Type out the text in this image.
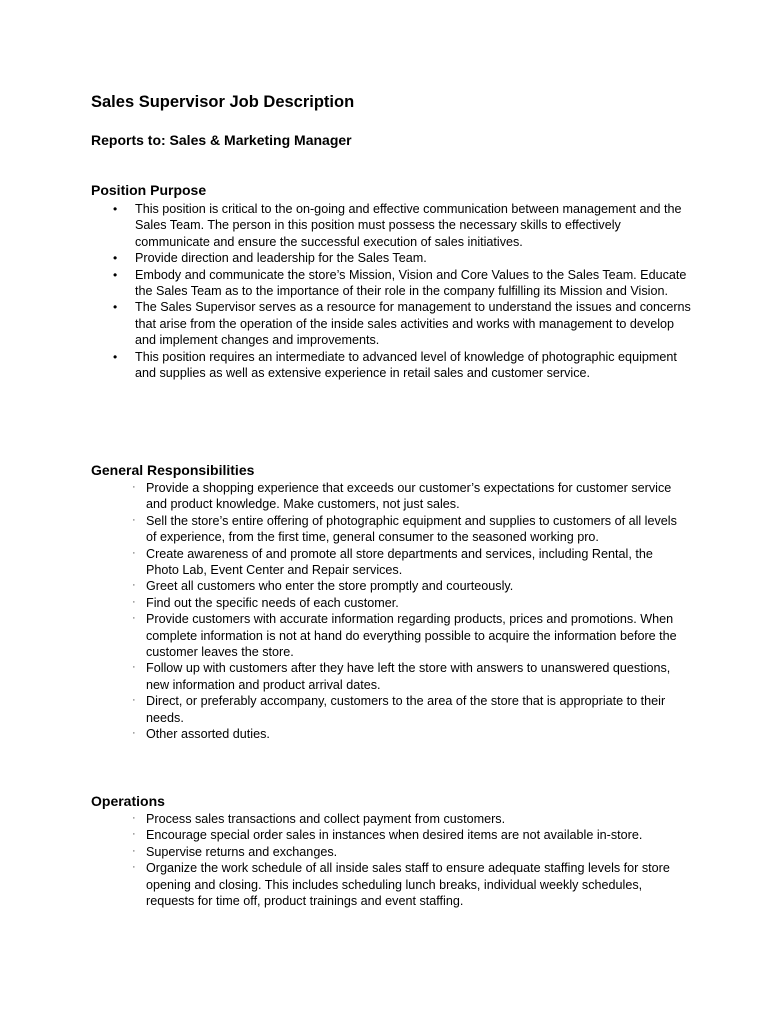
Sales Supervisor Job Description
Reports to: Sales & Marketing Manager
Position Purpose
• This position is critical to the on-going and effective communication between management and the Sales Team. The person in this position must possess the necessary skills to effectively communicate and ensure the successful execution of sales initiatives.
• Provide direction and leadership for the Sales Team.
• Embody and communicate the store’s Mission, Vision and Core Values to the Sales Team. Educate the Sales Team as to the importance of their role in the company fulfilling its Mission and Vision.
• The Sales Supervisor serves as a resource for management to understand the issues and concerns that arise from the operation of the inside sales activities and works with management to develop and implement changes and improvements.
• This position requires an intermediate to advanced level of knowledge of photographic equipment and supplies as well as extensive experience in retail sales and customer service.
General Responsibilities
· Provide a shopping experience that exceeds our customer’s expectations for customer service and product knowledge. Make customers, not just sales.
· Sell the store’s entire offering of photographic equipment and supplies to customers of all levels of experience, from the first time, general consumer to the seasoned working pro.
· Create awareness of and promote all store departments and services, including Rental, the Photo Lab, Event Center and Repair services.
· Greet all customers who enter the store promptly and courteously.
· Find out the specific needs of each customer.
· Provide customers with accurate information regarding products, prices and promotions. When complete information is not at hand do everything possible to acquire the information before the customer leaves the store.
· Follow up with customers after they have left the store with answers to unanswered questions, new information and product arrival dates.
· Direct, or preferably accompany, customers to the area of the store that is appropriate to their needs.
· Other assorted duties.
Operations
· Process sales transactions and collect payment from customers.
· Encourage special order sales in instances when desired items are not available in-store.
· Supervise returns and exchanges.
· Organize the work schedule of all inside sales staff to ensure adequate staffing levels for store opening and closing. This includes scheduling lunch breaks, individual weekly schedules, requests for time off, product trainings and event staffing.
